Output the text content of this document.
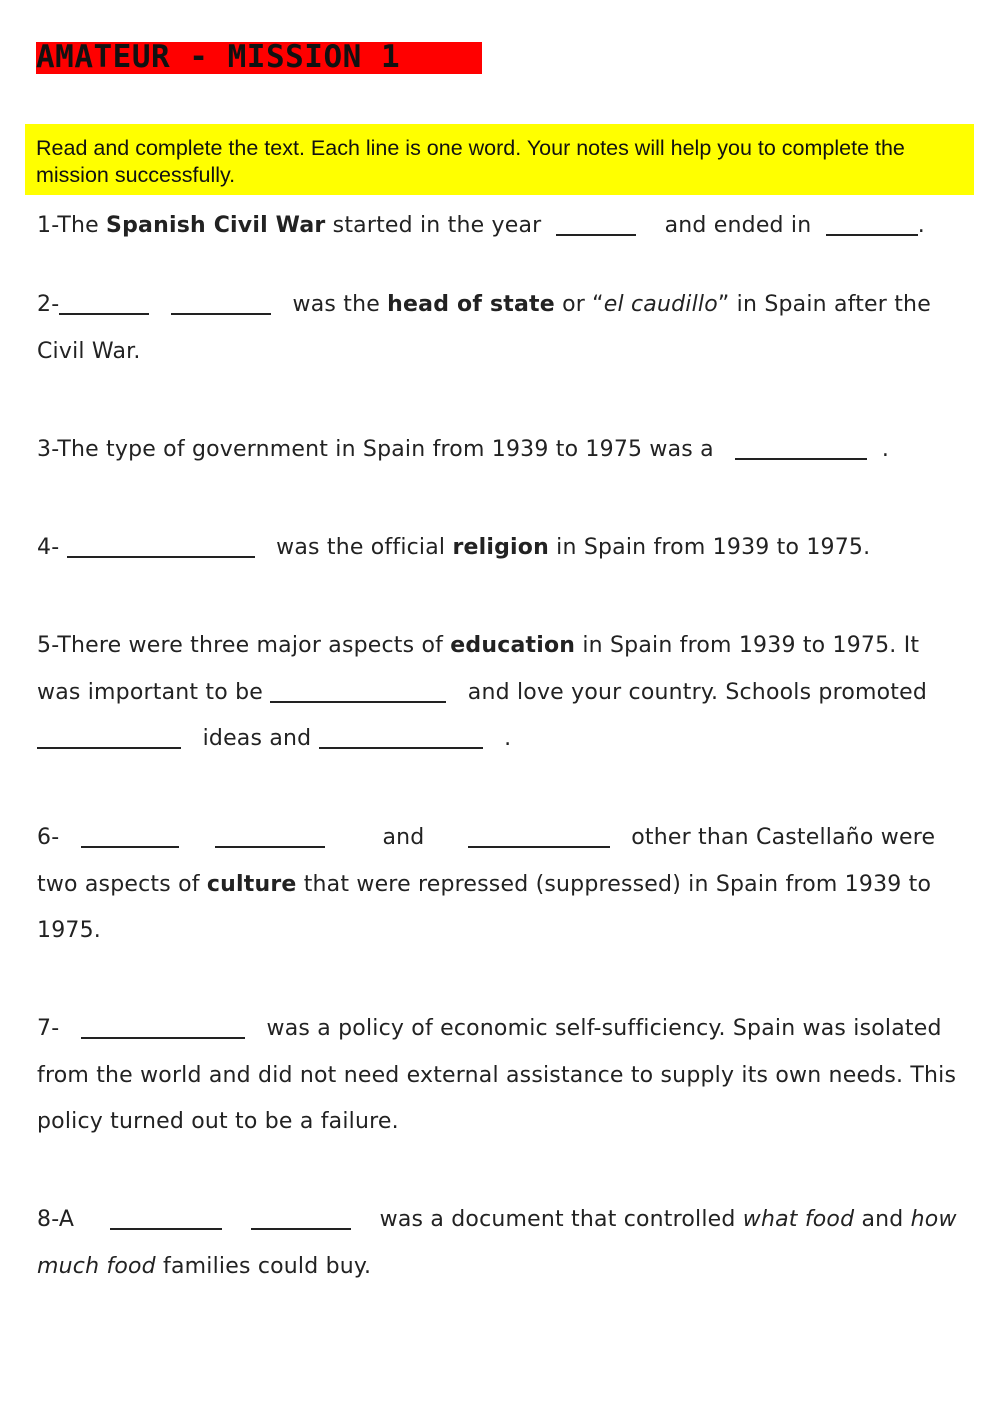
AMATEUR - MISSION 1
Read and complete the text. Each line is one word. Your notes will help you to complete the mission successfully.
1-The Spanish Civil War started in the year	and ended in	.
2-	was the head of state or “el caudillo” in Spain after the Civil War.
3-The type of government in Spain from 1939 to 1975 was a	.
4-	was the official religion in Spain from 1939 to 1975.
5-There were three major aspects of education in Spain from 1939 to 1975. It was important to be	and love your country. Schools promoted    ideas and	.
6-	and	other than Castellaño were two aspects of culture that were repressed (suppressed) in Spain from 1939 to 1975.
7-	was a policy of economic self-sufficiency. Spain was isolated from the world and did not need external assistance to supply its own needs. This policy turned out to be a failure.
8-A	was a document that controlled what food and how much food families could buy.
